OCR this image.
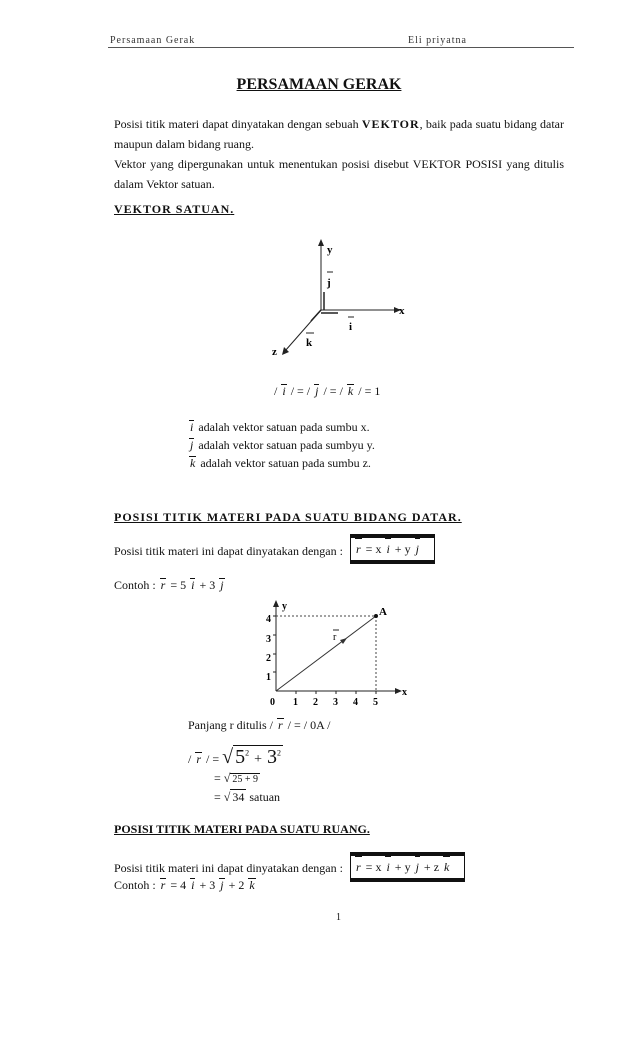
Persamaan Gerak	Eli priyatna
PERSAMAAN GERAK
Posisi titik materi dapat dinyatakan dengan sebuah VEKTOR, baik pada suatu bidang datar maupun dalam bidang ruang.
Vektor yang dipergunakan untuk menentukan posisi disebut VEKTOR POSISI yang ditulis dalam Vektor satuan.
VEKTOR SATUAN.
y
x
z
j
i
k
/ i / = / j / = / k / = 1
i adalah vektor satuan pada sumbu x.
j adalah vektor satuan pada sumbyu y.
k adalah vektor satuan pada sumbu z.
POSISI TITIK MATERI PADA SUATU BIDANG DATAR.
Posisi titik materi ini dapat dinyatakan dengan :	r = x i + y j
Contoh : r = 5 i + 3 j
y
x
A
r
0 1 2 3 4 5
1
2
3
4
Panjang r ditulis / r / = / 0A /
/ r / = √ $5^2 + 3^2$
= √ 25 + 9
= √ 34 satuan
POSISI TITIK MATERI PADA SUATU RUANG.
Posisi titik materi ini dapat dinyatakan dengan :	r = x i + y j + z k
Contoh : r = 4 i + 3 j + 2 k
1
